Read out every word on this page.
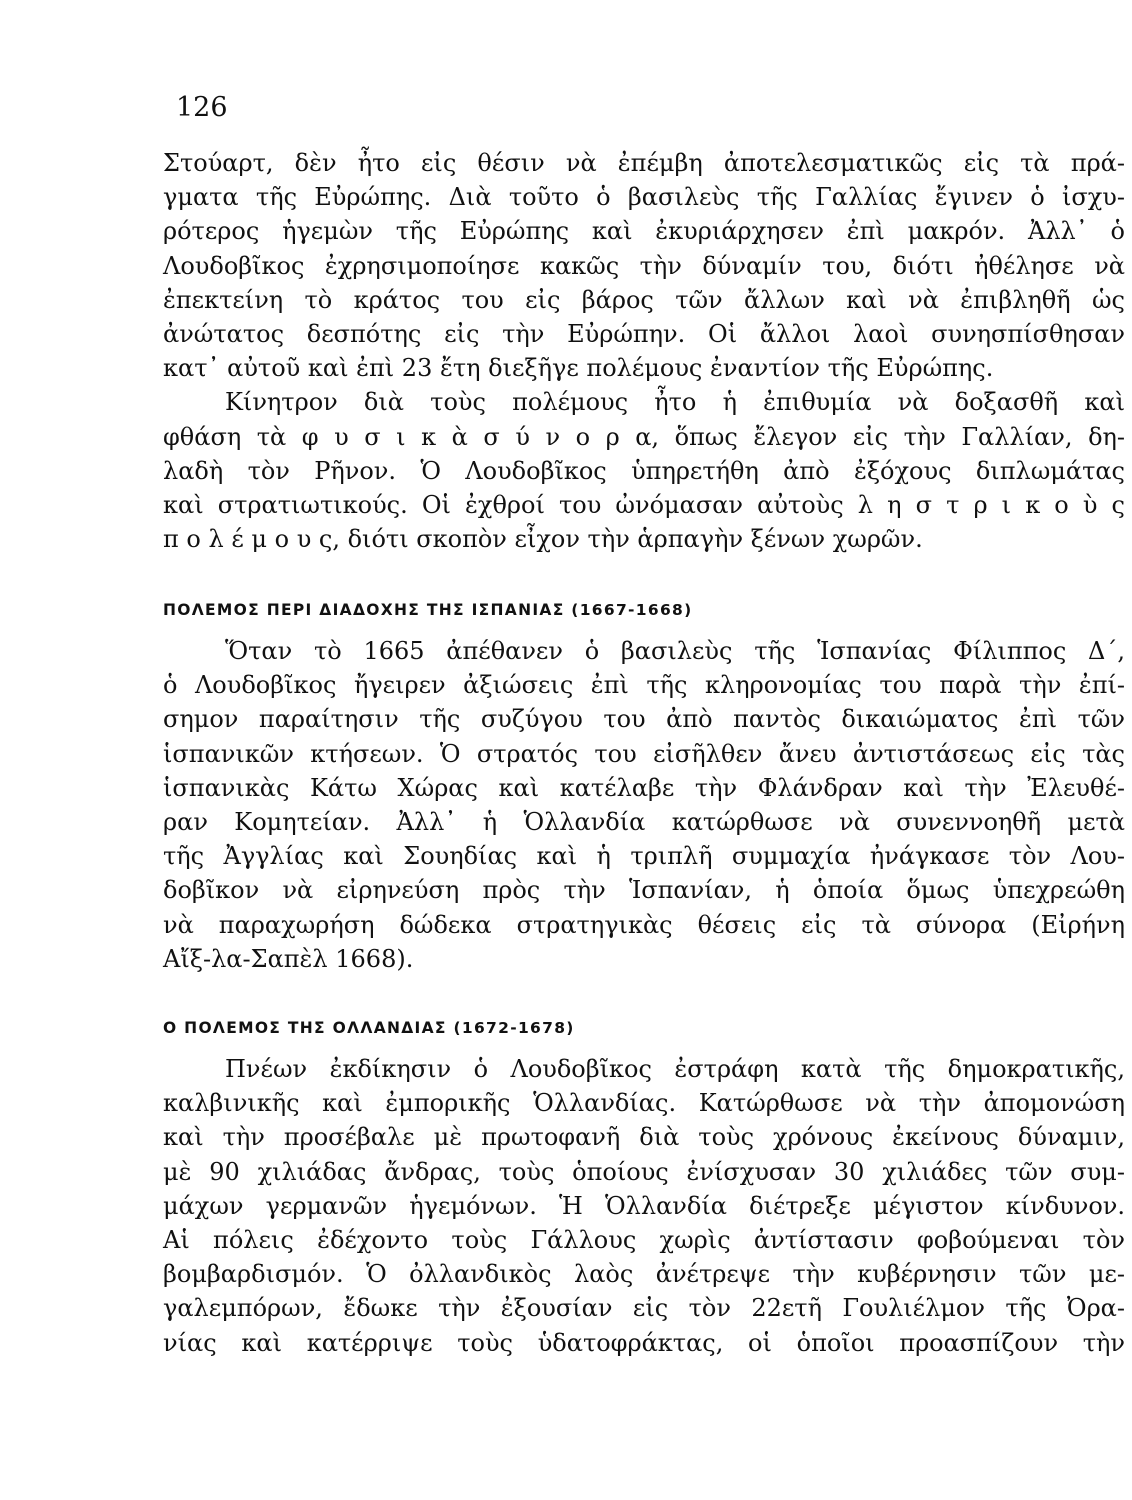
126
Στούαρτ, δὲν ἦτο εἰς θέσιν νὰ ἐπέμβη ἀποτελεσματικῶς εἰς τὰ πρά-
γματα τῆς Εὐρώπης. Διὰ τοῦτο ὁ βασιλεὺς τῆς Γαλλίας ἔγινεν ὁ ἰσχυ-
ρότερος ἡγεμὼν τῆς Εὐρώπης καὶ ἐκυριάρχησεν ἐπὶ μακρόν. Ἀλλ᾽ ὁ
Λουδοβῖκος ἐχρησιμοποίησε κακῶς τὴν δύναμίν του, διότι ἠθέλησε νὰ
ἐπεκτείνη τὸ κράτος του εἰς βάρος τῶν ἄλλων καὶ νὰ ἐπιβληθῆ ὡς
ἀνώτατος δεσπότης εἰς τὴν Εὐρώπην. Οἱ ἄλλοι λαοὶ συνησπίσθησαν
κατ᾽ αὐτοῦ καὶ ἐπὶ 23 ἔτη διεξῆγε πολέμους ἐναντίον τῆς Εὐρώπης.
Κίνητρον διὰ τοὺς πολέμους ἦτο ἡ ἐπιθυμία νὰ δοξασθῆ καὶ
φθάση τὰ φ υ σ ι κ ὰ σ ύ ν ο ρ α, ὅπως ἔλεγον εἰς τὴν Γαλλίαν, δη-
λαδὴ τὸν Ρῆνον. Ὁ Λουδοβῖκος ὑπηρετήθη ἀπὸ ἐξόχους διπλωμάτας
καὶ στρατιωτικούς. Οἱ ἐχθροί του ὠνόμασαν αὐτοὺς λ η σ τ ρ ι κ ο ὺ ς
π ο λ έ μ ο υ ς, διότι σκοπὸν εἶχον τὴν ἁρπαγὴν ξένων χωρῶν.
ΠΟΛΕΜΟΣ ΠΕΡΙ ΔΙΑΔΟΧΗΣ ΤΗΣ ΙΣΠΑΝΙΑΣ (1667-1668)
Ὅταν τὸ 1665 ἀπέθανεν ὁ βασιλεὺς τῆς Ἱσπανίας Φίλιππος Δ΄,
ὁ Λουδοβῖκος ἤγειρεν ἀξιώσεις ἐπὶ τῆς κληρονομίας του παρὰ τὴν ἐπί-
σημον παραίτησιν τῆς συζύγου του ἀπὸ παντὸς δικαιώματος ἐπὶ τῶν
ἱσπανικῶν κτήσεων. Ὁ στρατός του εἰσῆλθεν ἄνευ ἀντιστάσεως εἰς τὰς
ἱσπανικὰς Κάτω Χώρας καὶ κατέλαβε τὴν Φλάνδραν καὶ τὴν Ἐλευθέ-
ραν Κομητείαν. Ἀλλ᾽ ἡ Ὁλλανδία κατώρθωσε νὰ συνεννοηθῆ μετὰ
τῆς Ἀγγλίας καὶ Σουηδίας καὶ ἡ τριπλῆ συμμαχία ἠνάγκασε τὸν Λου-
δοβῖκον νὰ εἰρηνεύση πρὸς τὴν Ἱσπανίαν, ἡ ὁποία ὅμως ὑπεχρεώθη
νὰ παραχωρήση δώδεκα στρατηγικὰς θέσεις εἰς τὰ σύνορα (Εἰρήνη
Αἴξ-λα-Σαπὲλ 1668).
Ο ΠΟΛΕΜΟΣ ΤΗΣ ΟΛΛΑΝΔΙΑΣ (1672-1678)
Πνέων ἐκδίκησιν ὁ Λουδοβῖκος ἐστράφη κατὰ τῆς δημοκρατικῆς,
καλβινικῆς καὶ ἐμπορικῆς Ὁλλανδίας. Κατώρθωσε νὰ τὴν ἀπομονώση
καὶ τὴν προσέβαλε μὲ πρωτοφανῆ διὰ τοὺς χρόνους ἐκείνους δύναμιν,
μὲ 90 χιλιάδας ἄνδρας, τοὺς ὁποίους ἐνίσχυσαν 30 χιλιάδες τῶν συμ-
μάχων γερμανῶν ἡγεμόνων. Ἡ Ὁλλανδία διέτρεξε μέγιστον κίνδυνον.
Αἱ πόλεις ἐδέχοντο τοὺς Γάλλους χωρὶς ἀντίστασιν φοβούμεναι τὸν
βομβαρδισμόν. Ὁ ὀλλανδικὸς λαὸς ἀνέτρεψε τὴν κυβέρνησιν τῶν με-
γαλεμπόρων, ἔδωκε τὴν ἐξουσίαν εἰς τὸν 22ετῆ Γουλιέλμον τῆς Ὀρα-
νίας καὶ κατέρριψε τοὺς ὑδατοφράκτας, οἱ ὁποῖοι προασπίζουν τὴν
